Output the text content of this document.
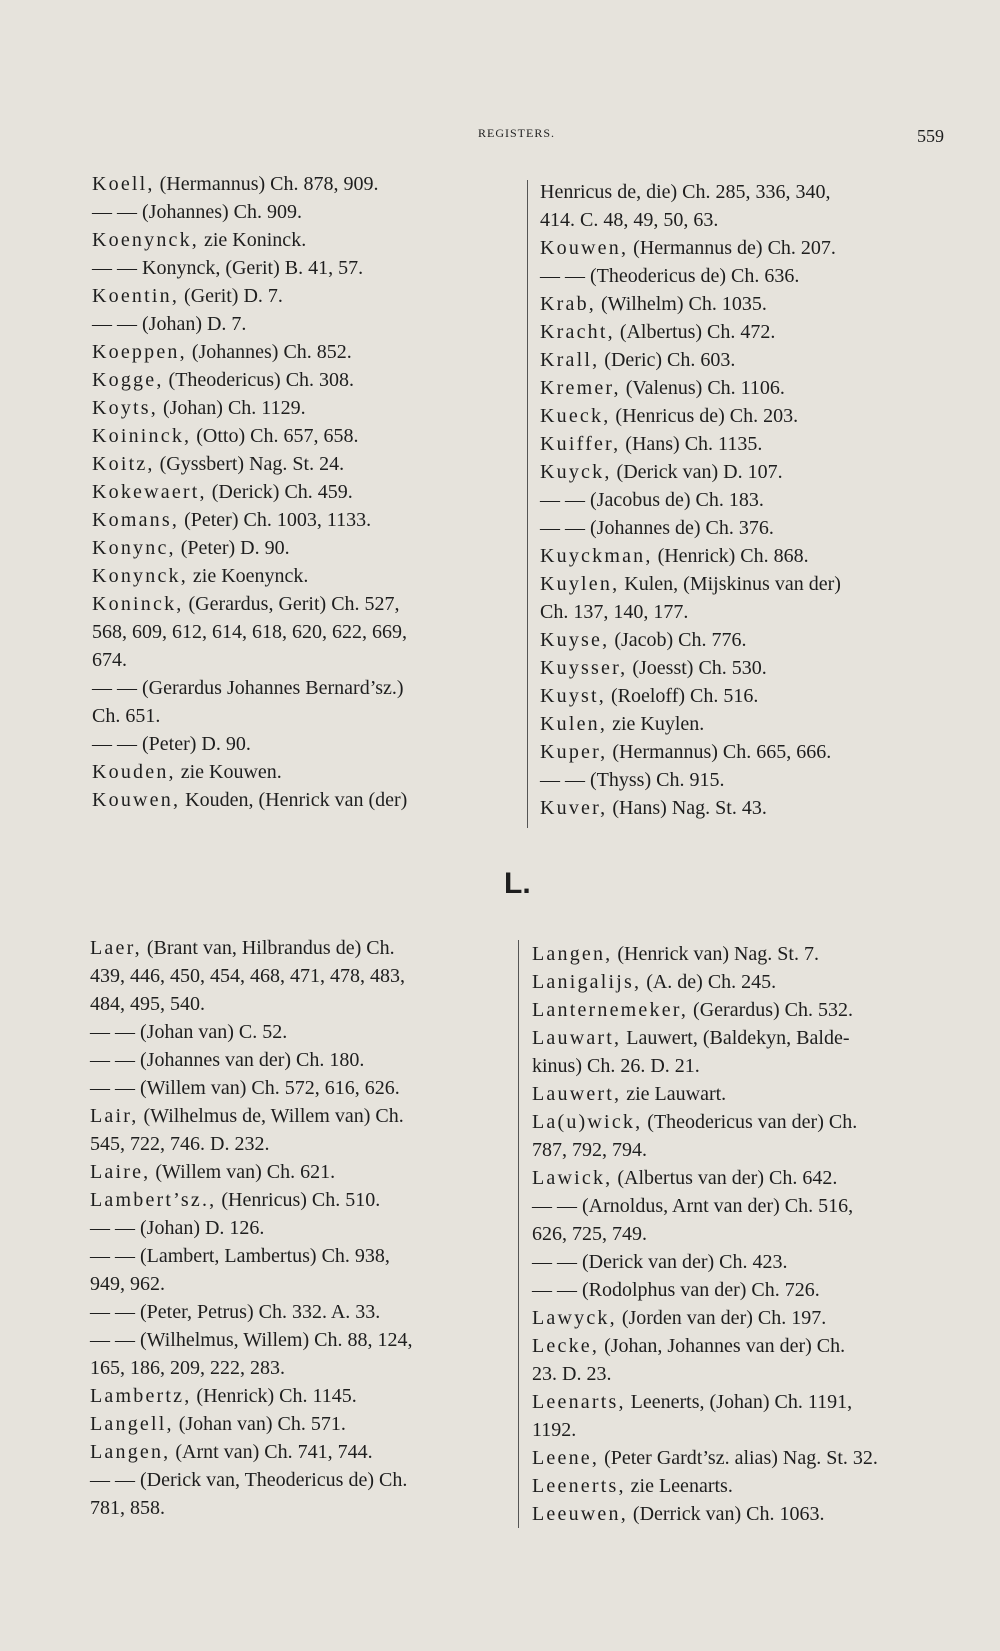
REGISTERS.	559
Koell, (Hermannus) Ch. 878, 909.
— — (Johannes) Ch. 909.
Koenynck, zie Koninck.
— — Konynck, (Gerit) B. 41, 57.
Koentin, (Gerit) D. 7.
— — (Johan) D. 7.
Koeppen, (Johannes) Ch. 852.
Kogge, (Theodericus) Ch. 308.
Koyts, (Johan) Ch. 1129.
Koininck, (Otto) Ch. 657, 658.
Koitz, (Gyssbert) Nag. St. 24.
Kokewaert, (Derick) Ch. 459.
Komans, (Peter) Ch. 1003, 1133.
Konync, (Peter) D. 90.
Konynck, zie Koenynck.
Koninck, (Gerardus, Gerit) Ch. 527,
568, 609, 612, 614, 618, 620, 622, 669,
674.
— — (Gerardus Johannes Bernard’sz.)
Ch. 651.
— — (Peter) D. 90.
Kouden, zie Kouwen.
Kouwen, Kouden, (Henrick van (der)
Henricus de, die) Ch. 285, 336, 340,
414. C. 48, 49, 50, 63.
Kouwen, (Hermannus de) Ch. 207.
— — (Theodericus de) Ch. 636.
Krab, (Wilhelm) Ch. 1035.
Kracht, (Albertus) Ch. 472.
Krall, (Deric) Ch. 603.
Kremer, (Valenus) Ch. 1106.
Kueck, (Henricus de) Ch. 203.
Kuiffer, (Hans) Ch. 1135.
Kuyck, (Derick van) D. 107.
— — (Jacobus de) Ch. 183.
— — (Johannes de) Ch. 376.
Kuyckman, (Henrick) Ch. 868.
Kuylen, Kulen, (Mijskinus van der)
Ch. 137, 140, 177.
Kuyse, (Jacob) Ch. 776.
Kuysser, (Joesst) Ch. 530.
Kuyst, (Roeloff) Ch. 516.
Kulen, zie Kuylen.
Kuper, (Hermannus) Ch. 665, 666.
— — (Thyss) Ch. 915.
Kuver, (Hans) Nag. St. 43.
L.
Laer, (Brant van, Hilbrandus de) Ch.
439, 446, 450, 454, 468, 471, 478, 483,
484, 495, 540.
— — (Johan van) C. 52.
— — (Johannes van der) Ch. 180.
— — (Willem van) Ch. 572, 616, 626.
Lair, (Wilhelmus de, Willem van) Ch.
545, 722, 746. D. 232.
Laire, (Willem van) Ch. 621.
Lambert’sz., (Henricus) Ch. 510.
— — (Johan) D. 126.
— — (Lambert, Lambertus) Ch. 938,
949, 962.
— — (Peter, Petrus) Ch. 332. A. 33.
— — (Wilhelmus, Willem) Ch. 88, 124,
165, 186, 209, 222, 283.
Lambertz, (Henrick) Ch. 1145.
Langell, (Johan van) Ch. 571.
Langen, (Arnt van) Ch. 741, 744.
— — (Derick van, Theodericus de) Ch.
781, 858.
Langen, (Henrick van) Nag. St. 7.
Lanigalijs, (A. de) Ch. 245.
Lanternemeker, (Gerardus) Ch. 532.
Lauwart, Lauwert, (Baldekyn, Balde-
kinus) Ch. 26. D. 21.
Lauwert, zie Lauwart.
La(u)wick, (Theodericus van der) Ch.
787, 792, 794.
Lawick, (Albertus van der) Ch. 642.
— — (Arnoldus, Arnt van der) Ch. 516,
626, 725, 749.
— — (Derick van der) Ch. 423.
— — (Rodolphus van der) Ch. 726.
Lawyck, (Jorden van der) Ch. 197.
Lecke, (Johan, Johannes van der) Ch.
23. D. 23.
Leenarts, Leenerts, (Johan) Ch. 1191,
1192.
Leene, (Peter Gardt’sz. alias) Nag. St. 32.
Leenerts, zie Leenarts.
Leeuwen, (Derrick van) Ch. 1063.
